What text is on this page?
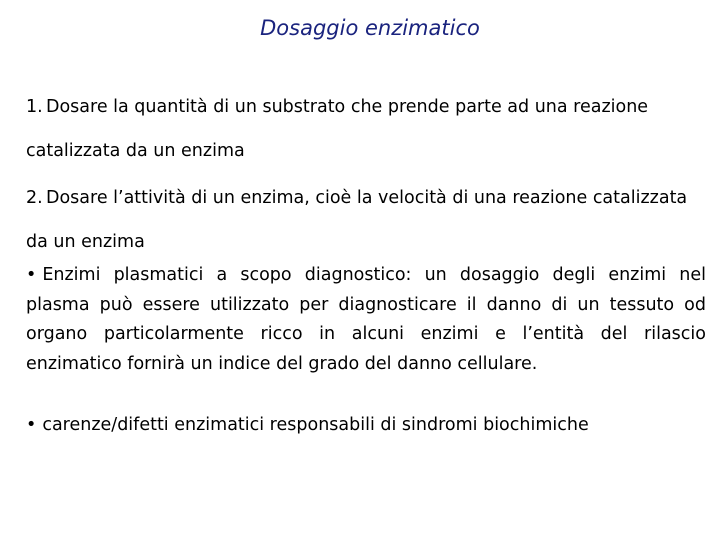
Dosaggio enzimatico
1. Dosare la quantità di un substrato che prende parte ad una reazione catalizzata da un enzima
2. Dosare l’attività di un enzima, cioè la velocità di una reazione catalizzata da un enzima
• Enzimi plasmatici a scopo diagnostico: un dosaggio degli enzimi nel plasma può essere utilizzato per diagnosticare il danno di un tessuto od organo particolarmente ricco in alcuni enzimi e l’entità del rilascio enzimatico fornirà un indice del grado del danno cellulare.
• carenze/difetti enzimatici responsabili di sindromi biochimiche
